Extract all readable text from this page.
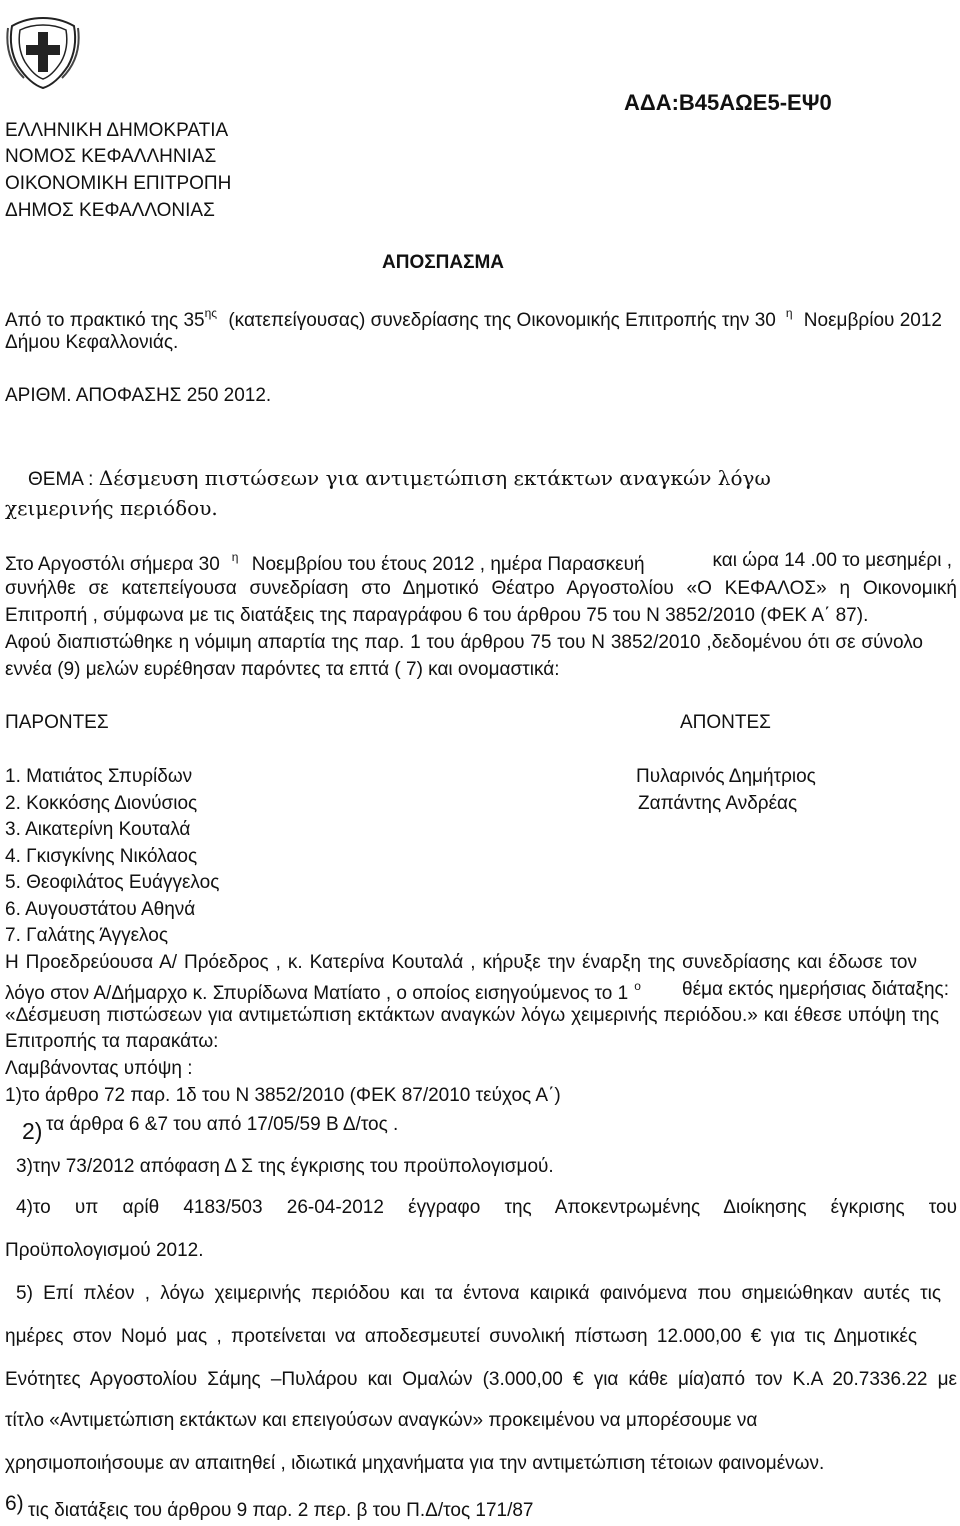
ΕΛΛΗΝΙΚΗ ΔΗΜΟΚΡΑΤΙΑ
ΝΟΜΟΣ ΚΕΦΑΛΛΗΝΙΑΣ
ΟΙΚΟΝΟΜΙΚΗ ΕΠΙΤΡΟΠΗ
ΔΗΜΟΣ ΚΕΦΑΛΛΟΝΙΑΣ
ΑΔΑ:Β45ΑΩΕ5-ΕΨ0
ΑΠΟΣΠΑΣΜΑ
Από το πρακτικό της $35^{\eta\varsigma}$ (κατεπείγουσας) συνεδρίασης της Οικονομικής Επιτροπής την 30 $^\eta$ Νοεμβρίου 2012
Δήμου Κεφαλλονιάς.
ΑΡΙΘΜ. ΑΠΟΦΑΣΗΣ 250 2012.
ΘΕΜΑ : Δέσμευση πιστώσεων για αντιμετώπιση εκτάκτων αναγκών λόγω
χειμερινής περιόδου.
Στο Αργοστόλι σήμερα 30 $^\eta$ Νοεμβρίου του έτους 2012 , ημέρα Παρασκευή	και ώρα 14 .00 το μεσημέρι ,
συνήλθε σε κατεπείγουσα συνεδρίαση στο Δημοτικό Θέατρο Αργοστολίου «Ο ΚΕΦΑΛΟΣ» η Οικονομική
Επιτροπή , σύμφωνα με τις διατάξεις της παραγράφου 6 του άρθρου 75 του Ν 3852/2010 (ΦΕΚ Α΄ 87).
Αφού διαπιστώθηκε η νόμιμη απαρτία της παρ. 1 του άρθρου 75 του Ν 3852/2010 ,δεδομένου ότι σε σύνολο
εννέα (9) μελών ευρέθησαν παρόντες τα επτά ( 7) και ονομαστικά:
ΠΑΡΟΝΤΕΣ	ΑΠΟΝΤΕΣ
1. Ματιάτος Σπυρίδων
2. Κοκκόσης Διονύσιος
3. Αικατερίνη Κουταλά
4. Γκισγκίνης Νικόλαος
5. Θεοφιλάτος Ευάγγελος
6. Αυγουστάτου Αθηνά
7. Γαλάτης Άγγελος
Πυλαρινός Δημήτριος
Ζαπάντης Ανδρέας
Η Προεδρεύουσα Α/ Πρόεδρος , κ. Κατερίνα Κουταλά , κήρυξε την έναρξη της συνεδρίασης και έδωσε τον
λόγο στον Α/Δήμαρχο κ. Σπυρίδωνα Ματίατο , ο οποίος εισηγούμενος το 1 $^o$ θέμα εκτός ημερήσιας διάταξης:
«Δέσμευση πιστώσεων για αντιμετώπιση εκτάκτων αναγκών λόγω χειμερινής περιόδου.» και έθεσε υπόψη της
Επιτροπής τα παρακάτω:
Λαμβάνοντας υπόψη :
1)το άρθρο 72 παρ. 1δ του Ν 3852/2010 (ΦΕΚ 87/2010 τεύχος Α΄)
2) τα άρθρα 6 &7 του από 17/05/59 Β Δ/τος .
3)την 73/2012 απόφαση Δ Σ της έγκρισης του προϋπολογισμού.
4)το υπ αρίθ 4183/503 26-04-2012 έγγραφο της Αποκεντρωμένης Διοίκησης έγκρισης του
Προϋπολογισμού 2012.
5) Επί πλέον , λόγω χειμερινής περιόδου και τα έντονα καιρικά φαινόμενα που σημειώθηκαν αυτές τις
ημέρες στον Νομό μας , προτείνεται να αποδεσμευτεί συνολική πίστωση 12.000,00 € για τις Δημοτικές
Ενότητες Αργοστολίου Σάμης –Πυλάρου και Ομαλών (3.000,00 € για κάθε μία)από τον Κ.Α 20.7336.22 με
τίτλο «Αντιμετώπιση εκτάκτων και επειγούσων αναγκών» προκειμένου να μπορέσουμε να
χρησιμοποιήσουμε αν απαιτηθεί , ιδιωτικά μηχανήματα για την αντιμετώπιση τέτοιων φαινομένων.
6) τις διατάξεις του άρθρου 9 παρ. 2 περ. β του Π.Δ/τος 171/87
